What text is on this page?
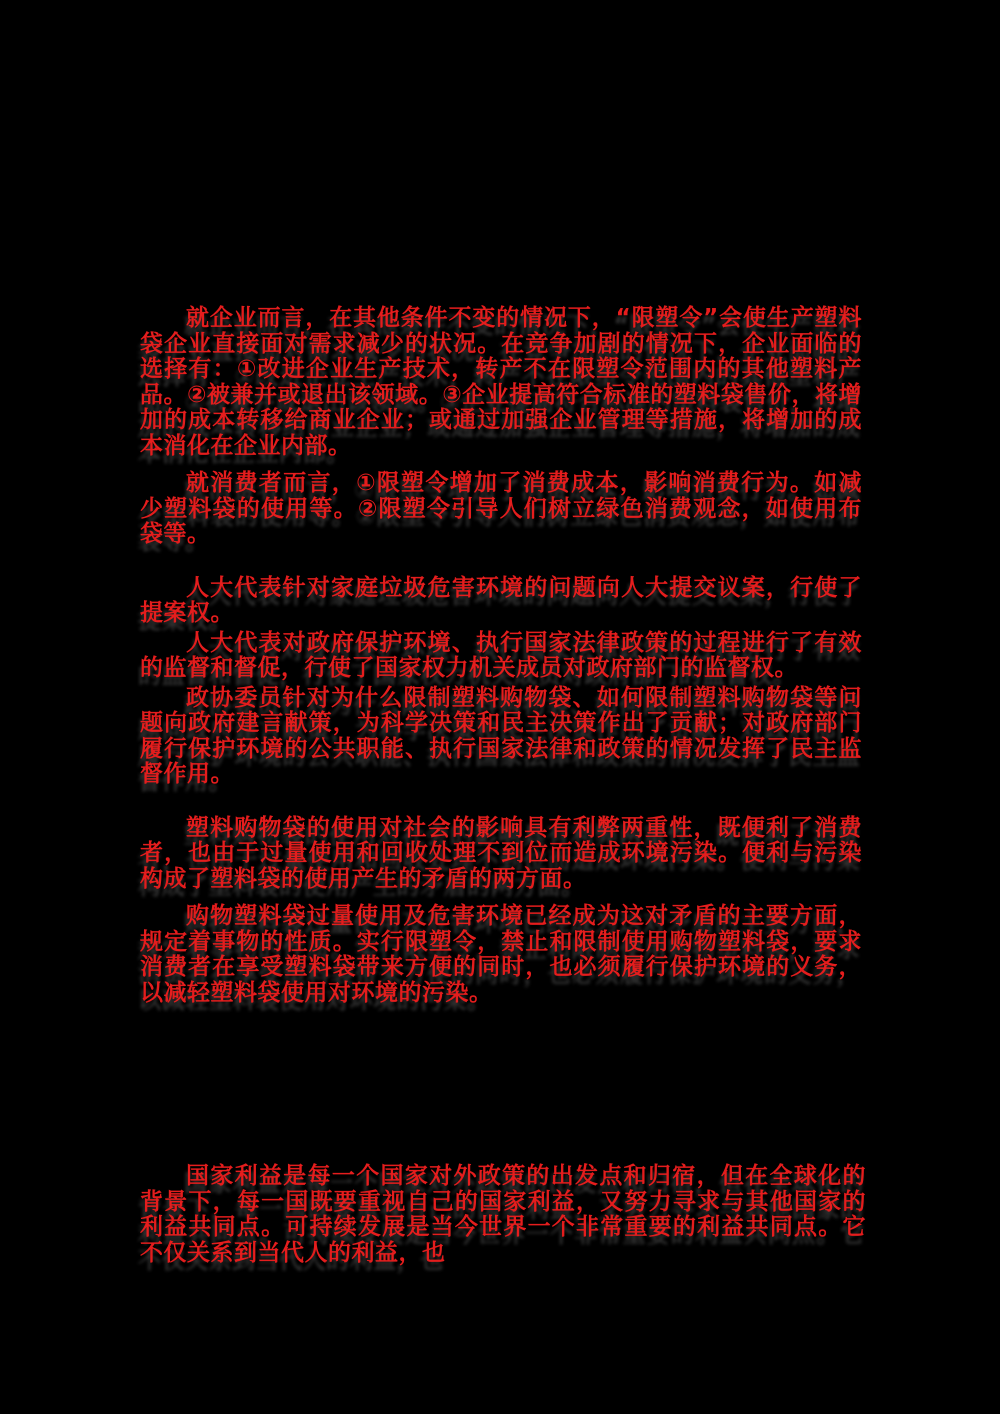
就企业而言，在其他条件不变的情况下，“限塑令”会使生产塑料袋企业直接面对需求减少的状况。在竞争加剧的情况下，企业面临的选择有：①改进企业生产技术，转产不在限塑令范围内的其他塑料产品。②被兼并或退出该领域。③企业提高符合标准的塑料袋售价，将增加的成本转移给商业企业；或通过加强企业管理等措施，将增加的成本消化在企业内部。

就消费者而言，①限塑令增加了消费成本，影响消费行为。如减少塑料袋的使用等。②限塑令引导人们树立绿色消费观念，如使用布袋等。

人大代表针对家庭垃圾危害环境的问题向人大提交议案，行使了提案权。

人大代表对政府保护环境、执行国家法律政策的过程进行了有效的监督和督促，行使了国家权力机关成员对政府部门的监督权。

政协委员针对为什么限制塑料购物袋、如何限制塑料购物袋等问题向政府建言献策，为科学决策和民主决策作出了贡献；对政府部门履行保护环境的公共职能、执行国家法律和政策的情况发挥了民主监督作用。

塑料购物袋的使用对社会的影响具有利弊两重性，既便利了消费者，也由于过量使用和回收处理不到位而造成环境污染。便利与污染构成了塑料袋的使用产生的矛盾的两方面。

购物塑料袋过量使用及危害环境已经成为这对矛盾的主要方面，规定着事物的性质。实行限塑令，禁止和限制使用购物塑料袋，要求消费者在享受塑料袋带来方便的同时，也必须履行保护环境的义务，以减轻塑料袋使用对环境的污染。

国家利益是每一个国家对外政策的出发点和归宿，但在全球化的背景下，每一国既要重视自己的国家利益，又努力寻求与其他国家的利益共同点。可持续发展是当今世界一个非常重要的利益共同点。它不仅关系到当代人的利益，也
